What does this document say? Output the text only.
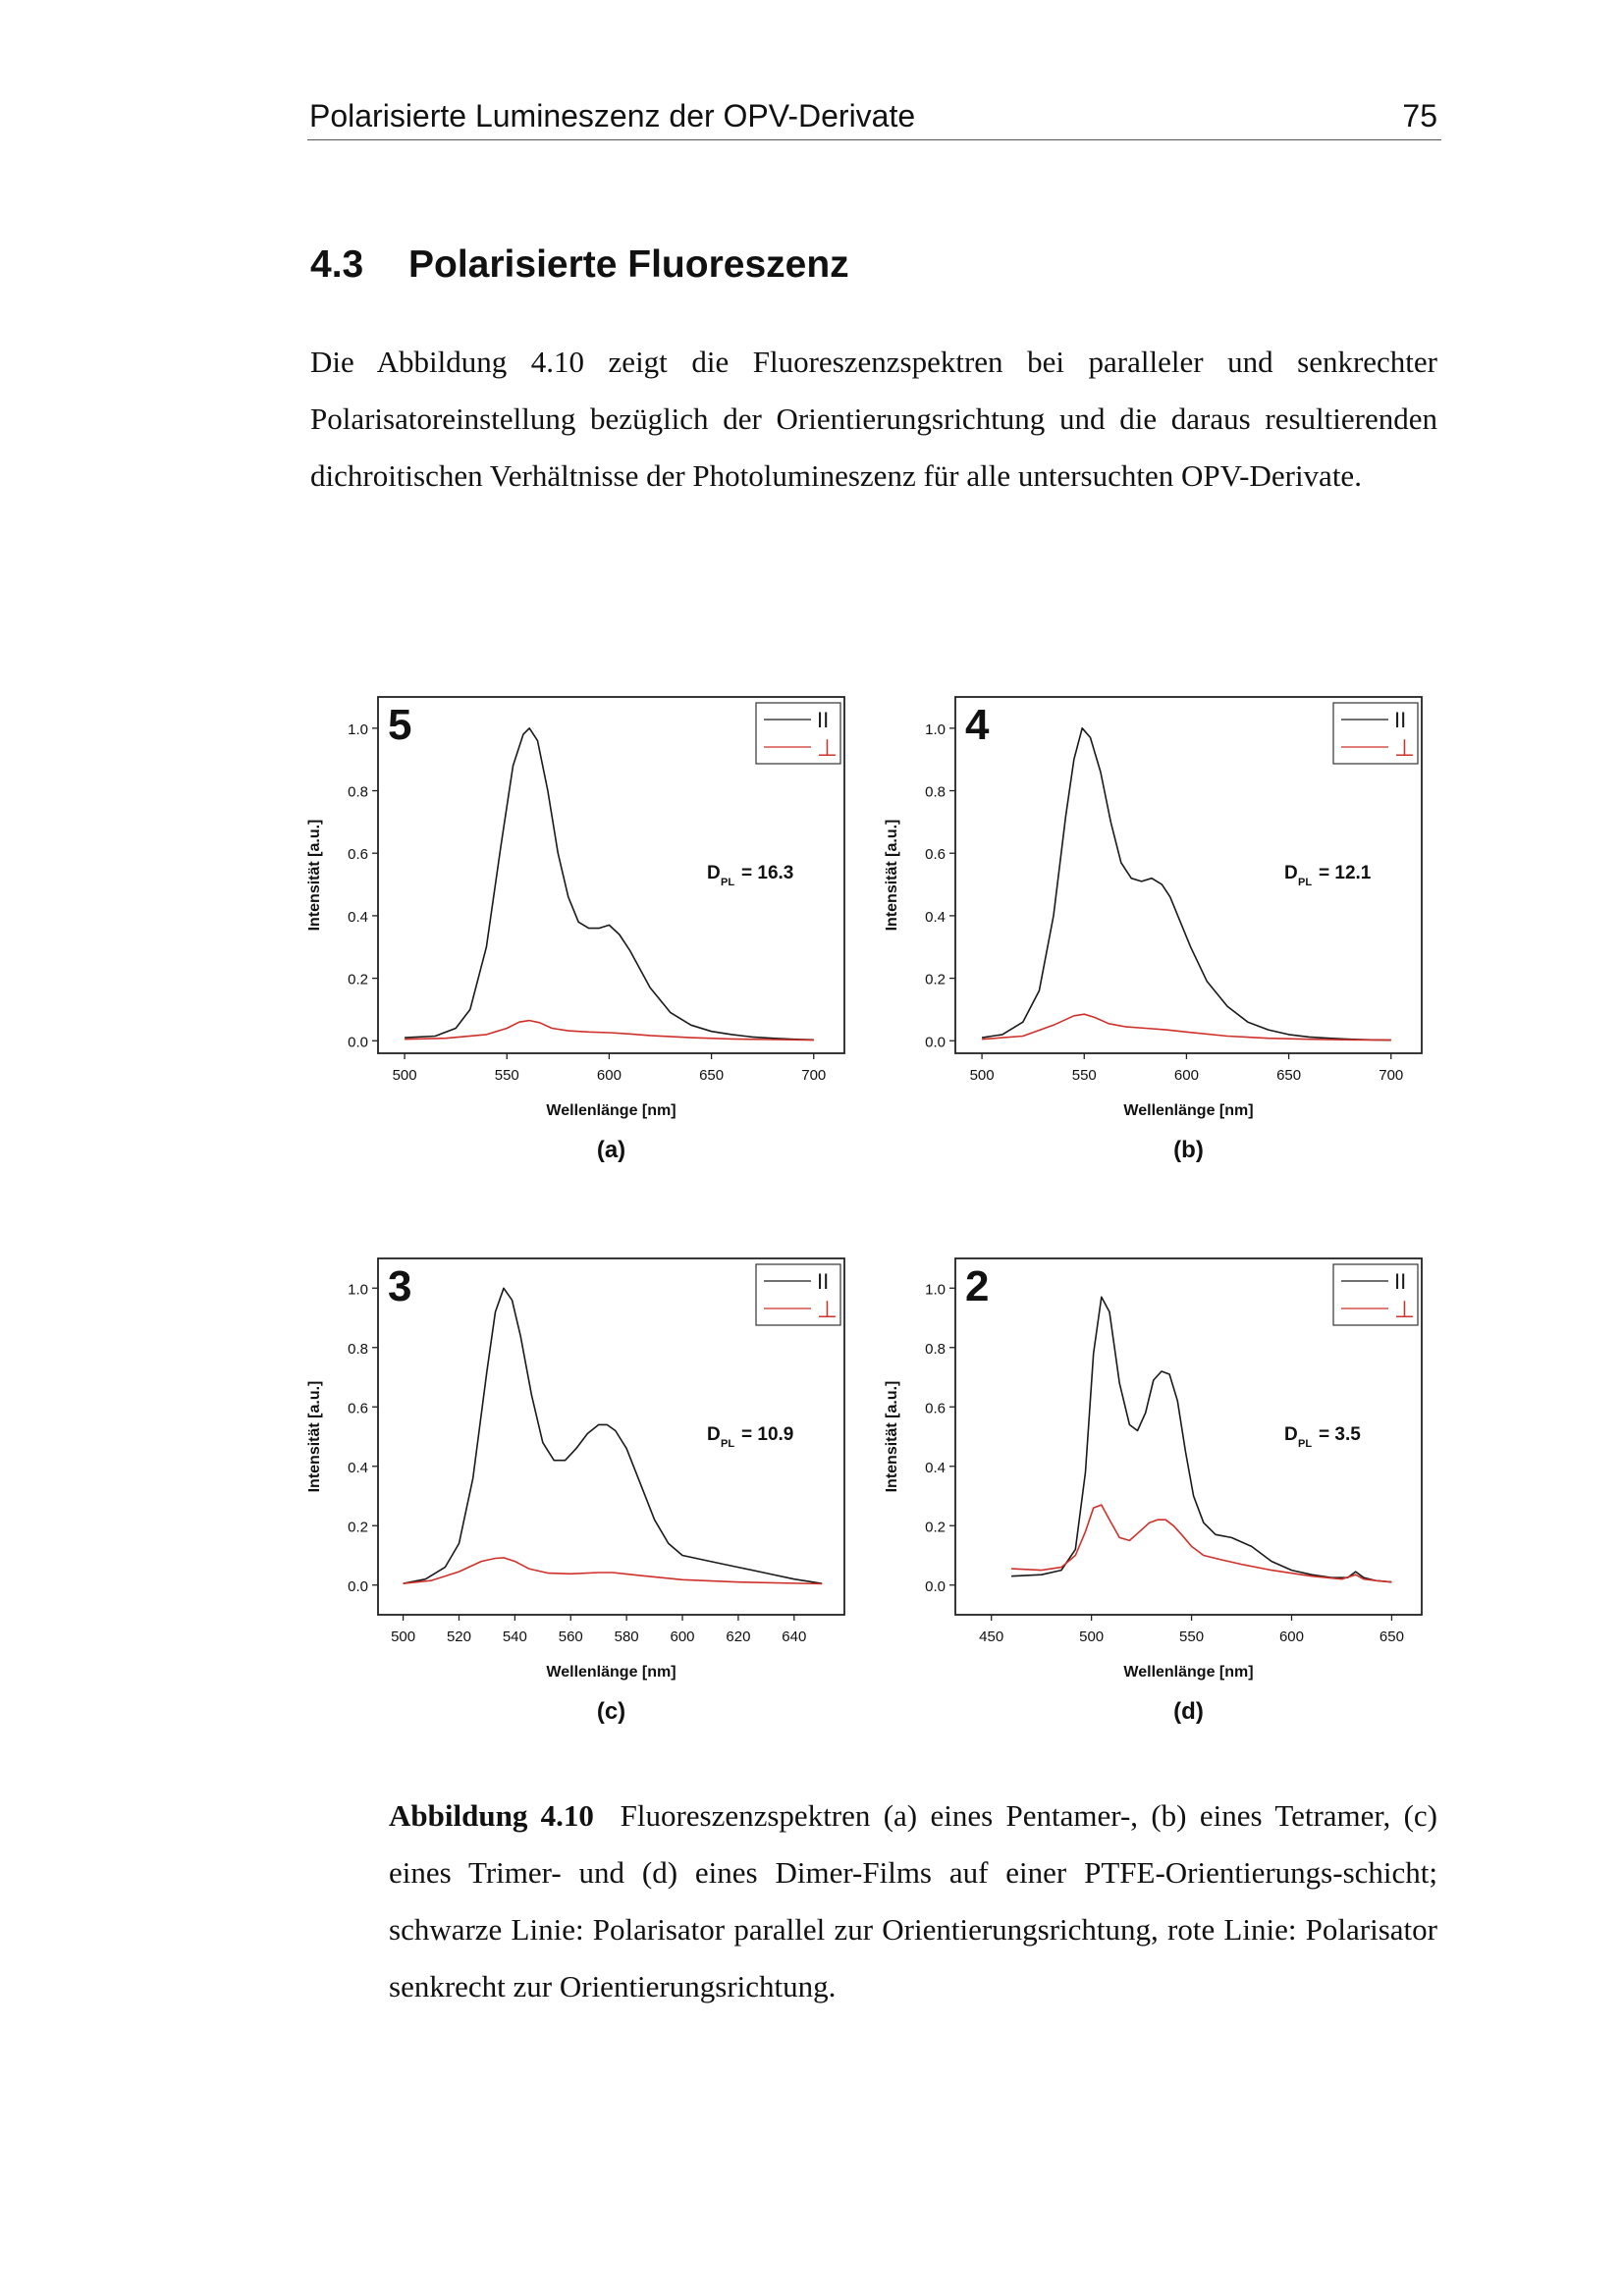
Polarisierte Lumineszenz der OPV-Derivate	75
4.3 Polarisierte Fluoreszenz

Die Abbildung 4.10 zeigt die Fluoreszenzspektren bei paralleler und senkrechter Polarisatoreinstellung bezüglich der Orientierungsrichtung und die daraus resultierenden dichroitischen Verhältnisse der Photolumineszenz für alle untersuchten OPV-Derivate.

0.0
0.2
0.4
0.6
0.8
1.0
500	550	600	650	700
Wellenlänge [nm]
Intensität [a.u.]
5	II
⊥
D PL = 16.3
(a)
0.0
0.2
0.4
0.6
0.8
1.0
500	550	600	650	700
Wellenlänge [nm]
Intensität [a.u.]
4	II
⊥
D PL = 12.1
(b)
0.0
0.2
0.4
0.6
0.8
1.0
500 520 540 560 580 600 620 640
Wellenlänge [nm]
Intensität [a.u.]
3	II
⊥
D PL = 10.9
(c)
0.0
0.2
0.4
0.6
0.8
1.0
450	500	550	600	650
Wellenlänge [nm]
Intensität [a.u.]
2	II
⊥
D PL = 3.5
(d)

Abbildung 4.10 Fluoreszenzspektren (a) eines Pentamer-, (b) eines Tetramer, (c) eines Trimer- und (d) eines Dimer-Films auf einer PTFE-Orientierungs-schicht; schwarze Linie: Polarisator parallel zur Orientierungsrichtung, rote Linie: Polarisator senkrecht zur Orientierungsrichtung.
